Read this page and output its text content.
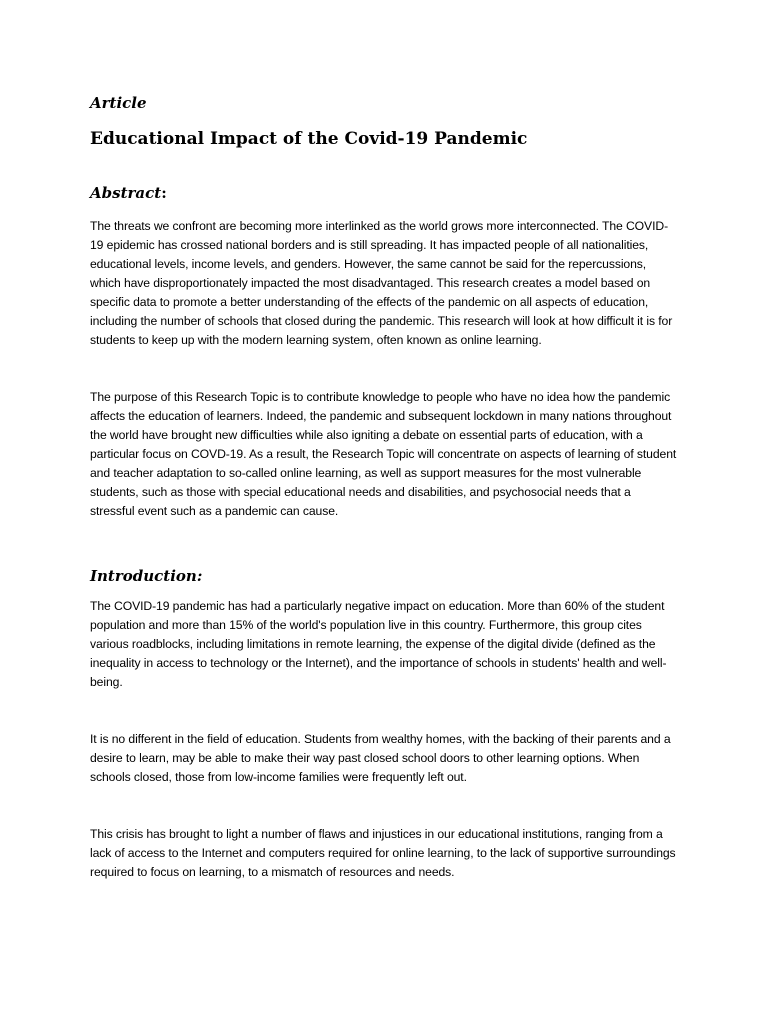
Article

Educational Impact of the Covid-19 Pandemic
Abstract:

The threats we confront are becoming more interlinked as the world grows more interconnected. The COVID-19 epidemic has crossed national borders and is still spreading. It has impacted people of all nationalities, educational levels, income levels, and genders. However, the same cannot be said for the repercussions, which have disproportionately impacted the most disadvantaged. This research creates a model based on specific data to promote a better understanding of the effects of the pandemic on all aspects of education, including the number of schools that closed during the pandemic. This research will look at how difficult it is for students to keep up with the modern learning system, often known as online learning.

The purpose of this Research Topic is to contribute knowledge to people who have no idea how the pandemic affects the education of learners. Indeed, the pandemic and subsequent lockdown in many nations throughout the world have brought new difficulties while also igniting a debate on essential parts of education, with a particular focus on COVD-19. As a result, the Research Topic will concentrate on aspects of learning of student and teacher adaptation to so-called online learning, as well as support measures for the most vulnerable students, such as those with special educational needs and disabilities, and psychosocial needs that a stressful event such as a pandemic can cause.

Introduction:

The COVID-19 pandemic has had a particularly negative impact on education. More than 60% of the student population and more than 15% of the world's population live in this country. Furthermore, this group cites various roadblocks, including limitations in remote learning, the expense of the digital divide (defined as the inequality in access to technology or the Internet), and the importance of schools in students' health and well-being.

It is no different in the field of education. Students from wealthy homes, with the backing of their parents and a desire to learn, may be able to make their way past closed school doors to other learning options. When schools closed, those from low-income families were frequently left out.

This crisis has brought to light a number of flaws and injustices in our educational institutions, ranging from a lack of access to the Internet and computers required for online learning, to the lack of supportive surroundings required to focus on learning, to a mismatch of resources and needs.
